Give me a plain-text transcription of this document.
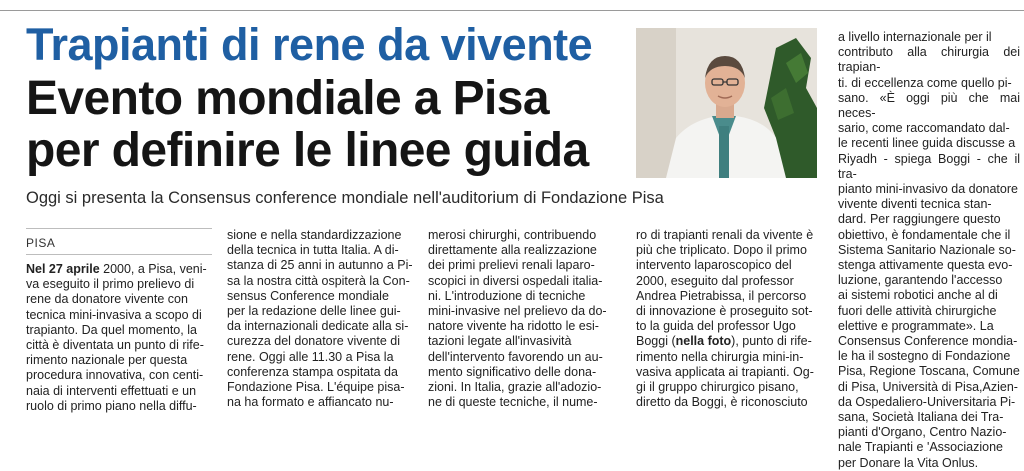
Trapianti di rene da vivente
Evento mondiale a Pisa per definire le linee guida
Oggi si presenta la Consensus conference mondiale nell'auditorium di Fondazione Pisa
PISA
Nel 27 aprile 2000, a Pisa, veni-
va eseguito il primo prelievo di
rene da donatore vivente con
tecnica mini-invasiva a scopo di
trapianto. Da quel momento, la
città è diventata un punto di rife-
rimento nazionale per questa
procedura innovativa, con centi-
naia di interventi effettuati e un
ruolo di primo piano nella diffu-
sione e nella standardizzazione
della tecnica in tutta Italia. A di-
stanza di 25 anni in autunno a Pi-
sa la nostra città ospiterà la Con-
sensus Conference mondiale
per la redazione delle linee gui-
da internazionali dedicate alla si-
curezza del donatore vivente di
rene. Oggi alle 11.30 a Pisa la
conferenza stampa ospitata da
Fondazione Pisa. L'équipe pisa-
na ha formato e affiancato nu-
merosi chirurghi, contribuendo
direttamente alla realizzazione
dei primi prelievi renali laparo-
scopici in diversi ospedali italia-
ni. L'introduzione di tecniche
mini-invasive nel prelievo da do-
natore vivente ha ridotto le esi-
tazioni legate all'invasività
dell'intervento favorendo un au-
mento significativo delle dona-
zioni. In Italia, grazie all'adozio-
ne di queste tecniche, il nume-
ro di trapianti renali da vivente è
più che triplicato. Dopo il primo
intervento laparoscopico del
2000, eseguito dal professor
Andrea Pietrabissa, il percorso
di innovazione è proseguito sot-
to la guida del professor Ugo
Boggi (nella foto), punto di rife-
rimento nella chirurgia mini-in-
vasiva applicata ai trapianti. Og-
gi il gruppo chirurgico pisano,
diretto da Boggi, è riconosciuto
a livello internazionale per il
contributo alla chirurgia dei trapian-
ti. di eccellenza come quello pi-
sano. «È oggi più che mai neces-
sario, come raccomandato dal-
le recenti linee guida discusse a
Riyadh - spiega Boggi - che il tra-
pianto mini-invasivo da donatore
vivente diventi tecnica stan-
dard. Per raggiungere questo
obiettivo, è fondamentale che il
Sistema Sanitario Nazionale so-
stenga attivamente questa evo-
luzione, garantendo l'accesso
ai sistemi robotici anche al di
fuori delle attività chirurgiche
elettive e programmate». La
Consensus Conference mondia-
le ha il sostegno di Fondazione
Pisa, Regione Toscana, Comune
di Pisa, Università di Pisa,Azien-
da Ospedaliero-Universitaria Pi-
sana, Società Italiana dei Tra-
pianti d'Organo, Centro Nazio-
nale Trapianti e 'Associazione
per Donare la Vita Onlus.
